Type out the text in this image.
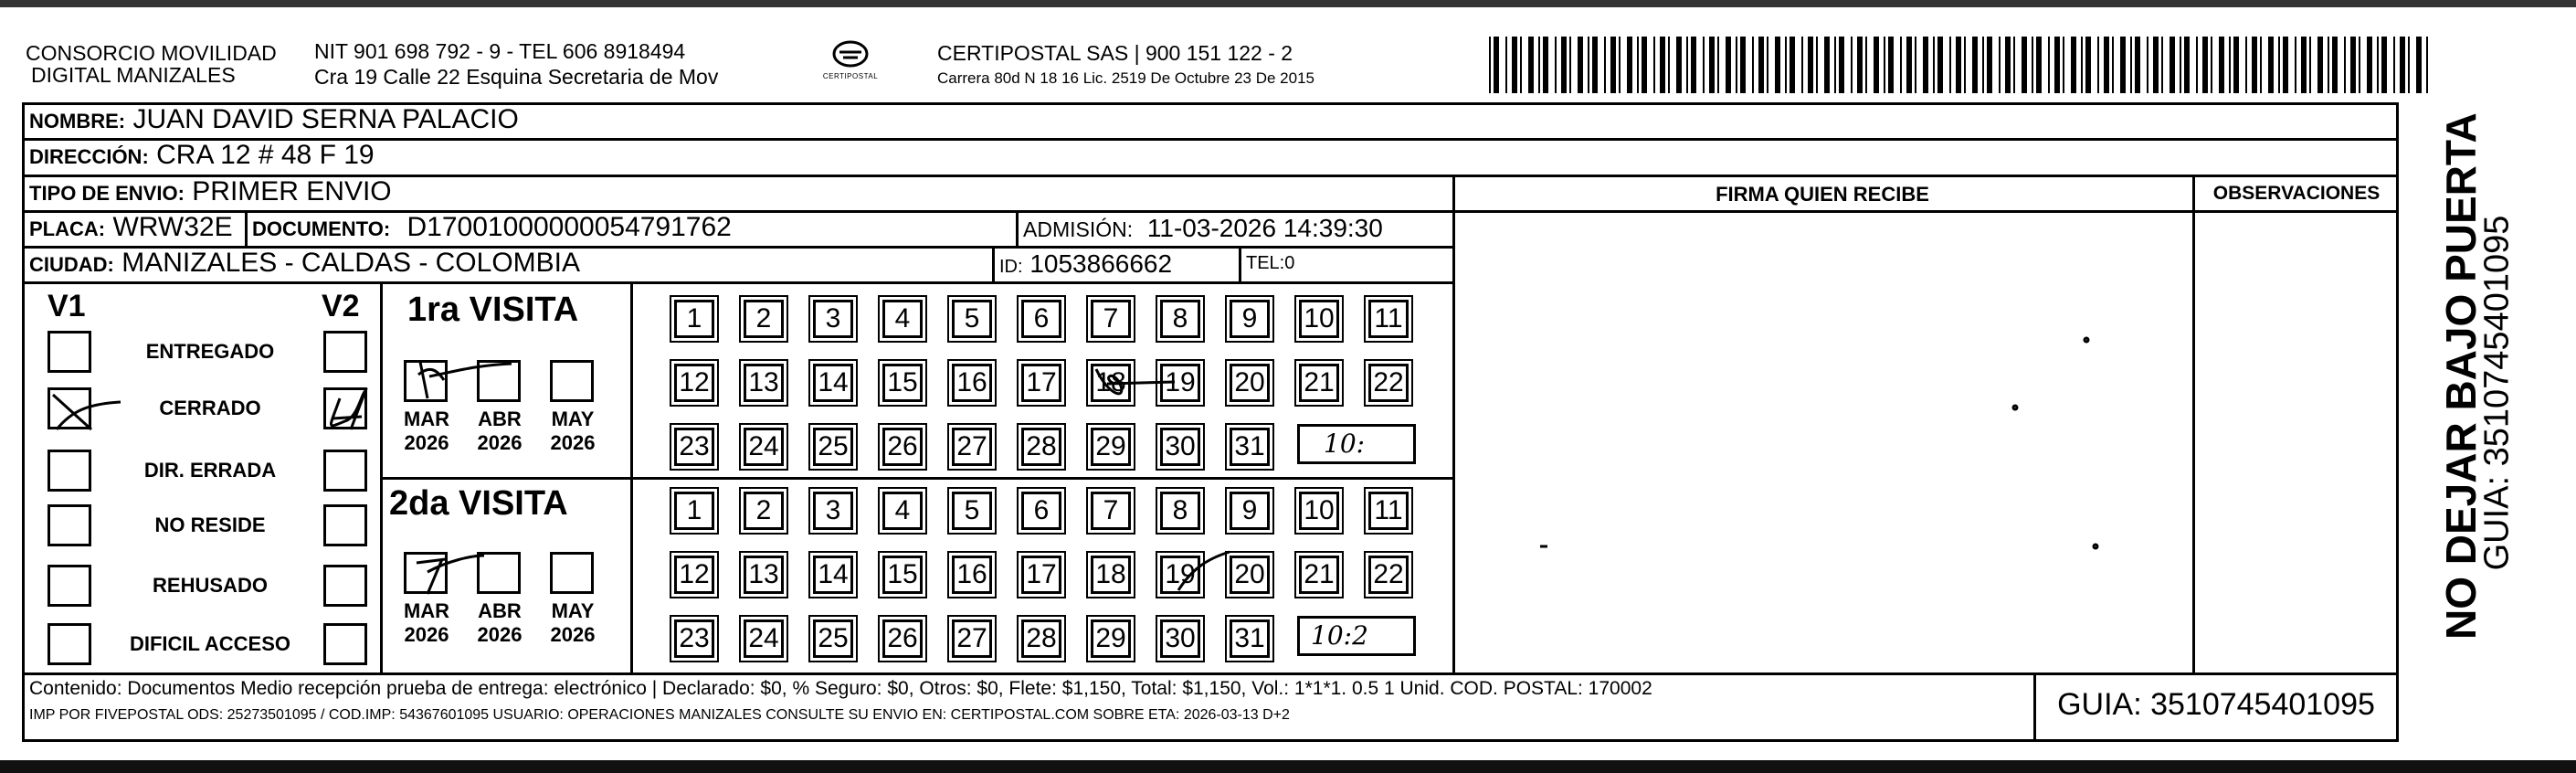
CONSORCIO MOVILIDAD
DIGITAL MANIZALES
NIT 901 698 792 - 9 - TEL 606 8918494
Cra 19 Calle 22 Esquina Secretaria de Mov	CERTIPOSTAL
CERTIPOSTAL SAS | 900 151 122 - 2
Carrera 80d N 18 16 Lic. 2519 De Octubre 23 De 2015
NOMBRE: JUAN DAVID SERNA PALACIO
DIRECCIÓN: CRA 12 # 48 F 19
TIPO DE ENVIO: PRIMER ENVIO
PLACA: WRW32E DOCUMENTO: D17001000000054791762	ADMISIÓN: 11-03-2026 14:39:30
CIUDAD: MANIZALES - CALDAS - COLOMBIA	ID: 1053866662	TEL:0
FIRMA QUIEN RECIBE	OBSERVACIONES
V1	V2
ENTREGADO
CERRADO
DIR. ERRADA
NO RESIDE
REHUSADO
DIFICIL ACCESO
1ra VISITA
2da VISITA
MAR
2026
ABR
2026
MAY
2026
MAR
2026
ABR
2026
MAY
2026
1	2	3	4	5	6	7	8	9	10 11
12 13 14 15 16 17 18 19 20 21 22
23 24 25 26 27 28 29 30 31
1	2	3	4	5	6	7	8	9	10 11
12 13 14 15 16 17 18 19 20 21 22
23 24 25 26 27 28 29 30 31
10:
10:2
Contenido: Documentos Medio recepción prueba de entrega: electrónico | Declarado: $0, % Seguro: $0, Otros: $0, Flete: $1,150, Total: $1,150, Vol.: 1*1*1. 0.5 1 Unid. COD. POSTAL: 170002
IMP POR FIVEPOSTAL ODS: 25273501095 / COD.IMP: 54367601095 USUARIO: OPERACIONES MANIZALES CONSULTE SU ENVIO EN: CERTIPOSTAL.COM SOBRE ETA: 2026-03-13 D+2	GUIA: 3510745401095
NO DEJAR BAJO PUERTA
GUIA: 3510745401095
